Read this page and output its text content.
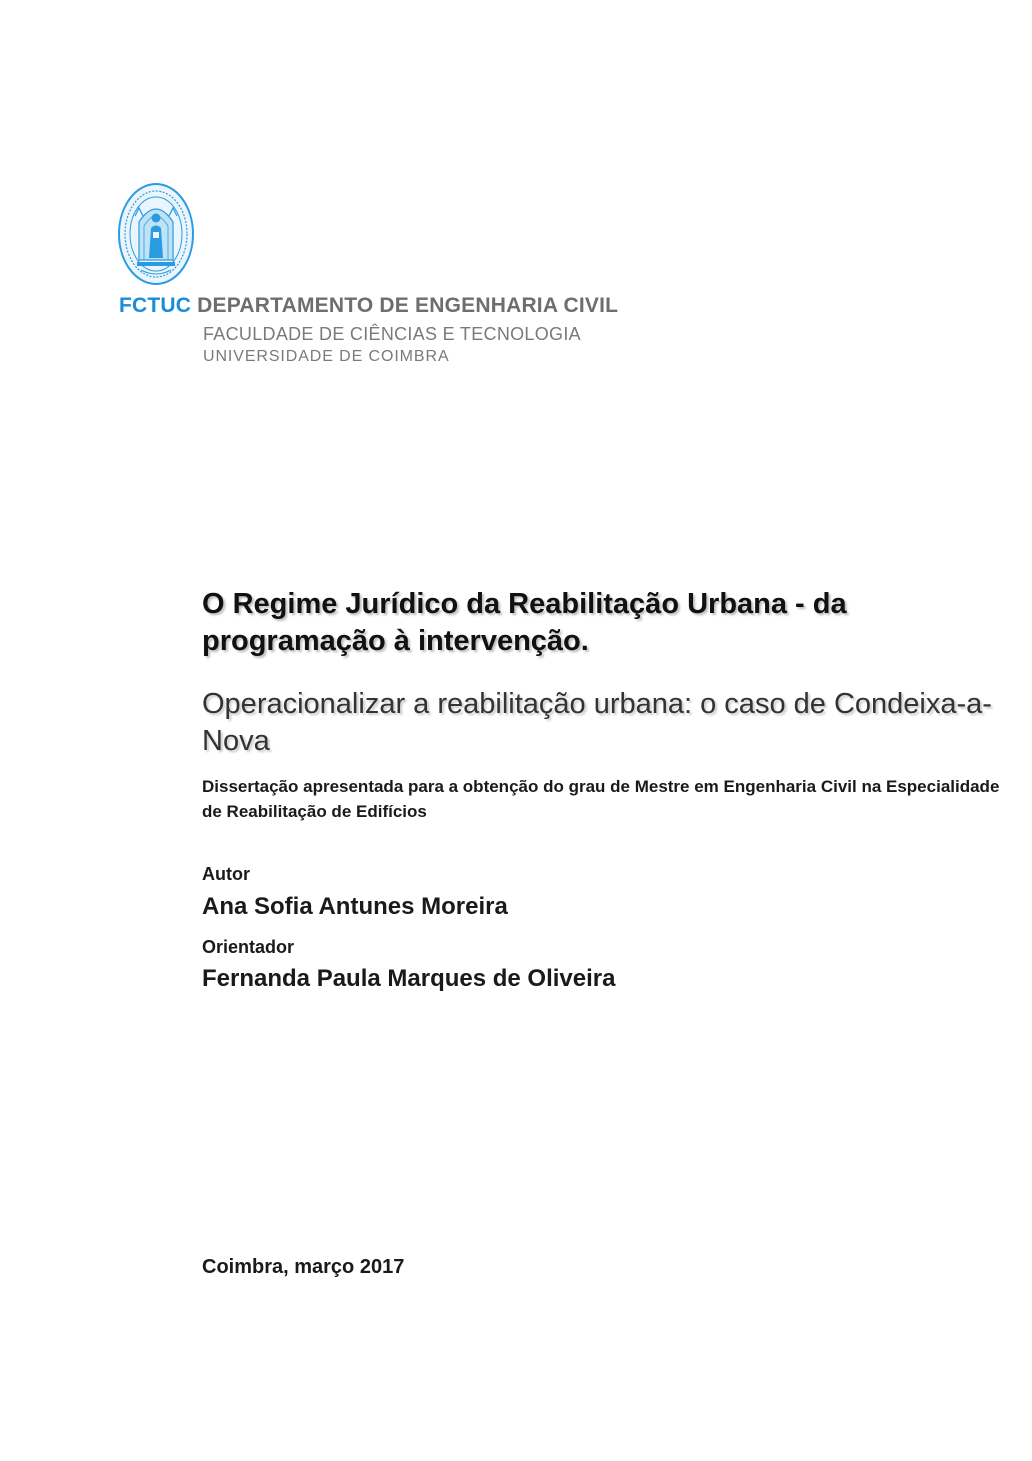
FCTUC DEPARTAMENTO DE ENGENHARIA CIVIL
FACULDADE DE CIÊNCIAS E TECNOLOGIA
UNIVERSIDADE DE COIMBRA
O Regime Jurídico da Reabilitação Urbana - da programação à intervenção.
Operacionalizar a reabilitação urbana: o caso de Condeixa-a-Nova
Dissertação apresentada para a obtenção do grau de Mestre em Engenharia Civil na Especialidade de Reabilitação de Edifícios
Autor
Ana Sofia Antunes Moreira
Orientador
Fernanda Paula Marques de Oliveira
Coimbra, março 2017
